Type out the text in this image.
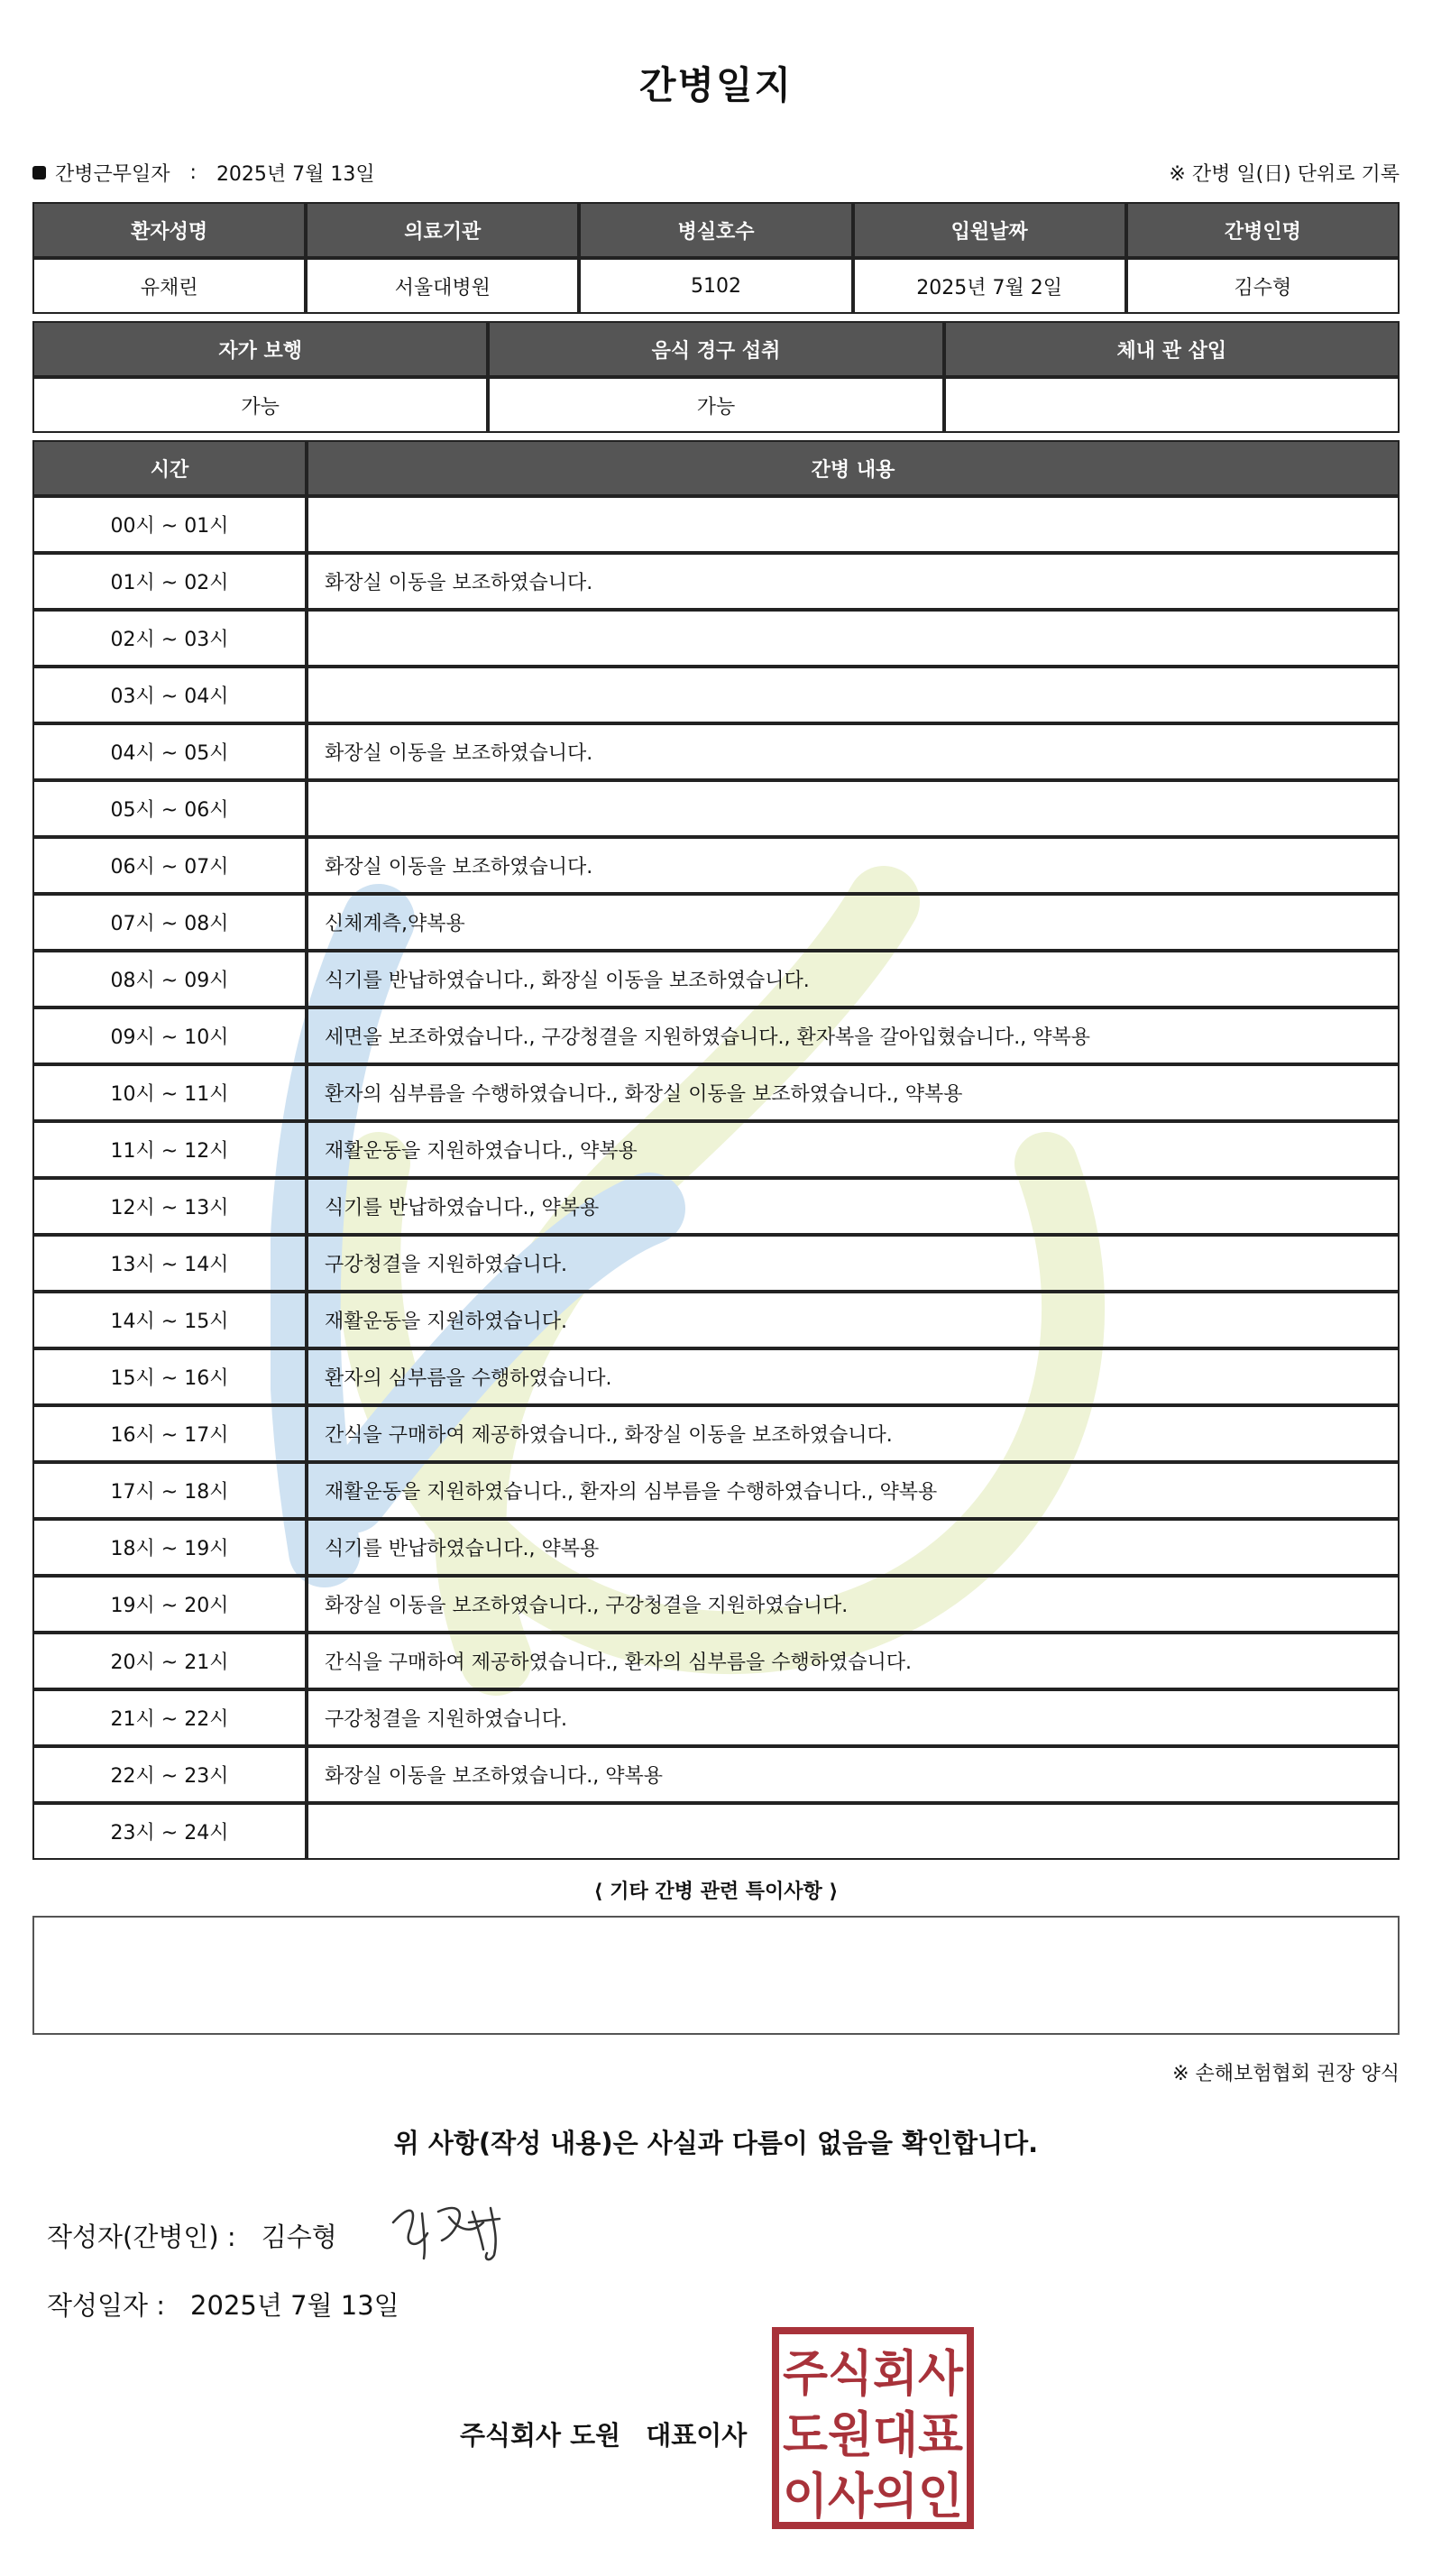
간병일지
간병근무일자 : 2025년 7월 13일	※ 간병 일(日) 단위로 기록
환자성명	의료기관	병실호수	입원날짜	간병인명
유채린	서울대병원	5102	2025년 7월 2일	김수형
자가 보행	음식 경구 섭취	체내 관 삽입
가능	가능	
시간	간병 내용
00시 ~ 01시	
01시 ~ 02시	화장실 이동을 보조하였습니다.
02시 ~ 03시	
03시 ~ 04시	
04시 ~ 05시	화장실 이동을 보조하였습니다.
05시 ~ 06시	
06시 ~ 07시	화장실 이동을 보조하였습니다.
07시 ~ 08시	신체계측,약복용
08시 ~ 09시	식기를 반납하였습니다., 화장실 이동을 보조하였습니다.
09시 ~ 10시	세면을 보조하였습니다., 구강청결을 지원하였습니다., 환자복을 갈아입혔습니다., 약복용
10시 ~ 11시	환자의 심부름을 수행하였습니다., 화장실 이동을 보조하였습니다., 약복용
11시 ~ 12시	재활운동을 지원하였습니다., 약복용
12시 ~ 13시	식기를 반납하였습니다., 약복용
13시 ~ 14시	구강청결을 지원하였습니다.
14시 ~ 15시	재활운동을 지원하였습니다.
15시 ~ 16시	환자의 심부름을 수행하였습니다.
16시 ~ 17시	간식을 구매하여 제공하였습니다., 화장실 이동을 보조하였습니다.
17시 ~ 18시	재활운동을 지원하였습니다., 환자의 심부름을 수행하였습니다., 약복용
18시 ~ 19시	식기를 반납하였습니다., 약복용
19시 ~ 20시	화장실 이동을 보조하였습니다., 구강청결을 지원하였습니다.
20시 ~ 21시	간식을 구매하여 제공하였습니다., 환자의 심부름을 수행하였습니다.
21시 ~ 22시	구강청결을 지원하였습니다.
22시 ~ 23시	화장실 이동을 보조하였습니다., 약복용
23시 ~ 24시	
⟨ 기타 간병 관련 특이사항 ⟩
※ 손해보험협회 권장 양식
위 사항(작성 내용)은 사실과 다름이 없음을 확인합니다.
작성자(간병인) : 김수형
작성일자 : 2025년 7월 13일
주식회사 도원 대표이사
주식회사
도원대표
이사의인
